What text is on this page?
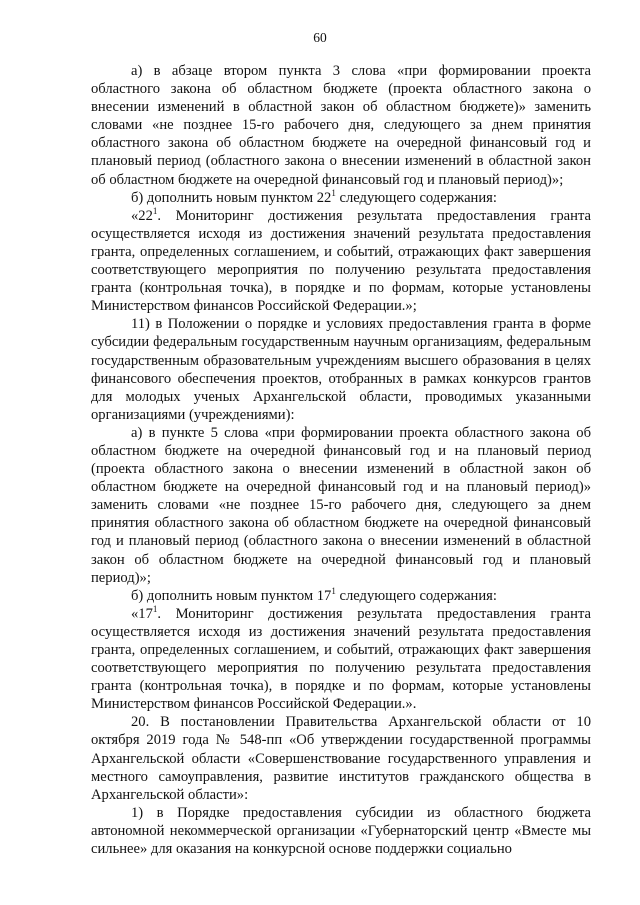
60

а) в абзаце втором пункта 3 слова «при формировании проекта областного закона об областном бюджете (проекта областного закона о внесении изменений в областной закон об областном бюджете)» заменить словами «не позднее 15-го рабочего дня, следующего за днем принятия областного закона об областном бюджете на очередной финансовый год и плановый период (областного закона о внесении изменений в областной закон об областном бюджете на очередной финансовый год и плановый период)»;

б) дополнить новым пунктом $22^1$ следующего содержания:

«$22^1$. Мониторинг достижения результата предоставления гранта осуществляется исходя из достижения значений результата предоставления гранта, определенных соглашением, и событий, отражающих факт завершения соответствующего мероприятия по получению результата предоставления гранта (контрольная точка), в порядке и по формам, которые установлены Министерством финансов Российской Федерации.»;

11) в Положении о порядке и условиях предоставления гранта в форме субсидии федеральным государственным научным организациям, федеральным государственным образовательным учреждениям высшего образования в целях финансового обеспечения проектов, отобранных в рамках конкурсов грантов для молодых ученых Архангельской области, проводимых указанными организациями (учреждениями):

а) в пункте 5 слова «при формировании проекта областного закона об областном бюджете на очередной финансовый год и на плановый период (проекта областного закона о внесении изменений в областной закон об областном бюджете на очередной финансовый год и на плановый период)» заменить словами «не позднее 15-го рабочего дня, следующего за днем принятия областного закона об областном бюджете на очередной финансовый год и плановый период (областного закона о внесении изменений в областной закон об областном бюджете на очередной финансовый год и плановый период)»;

б) дополнить новым пунктом $17^1$ следующего содержания:

«$17^1$. Мониторинг достижения результата предоставления гранта осуществляется исходя из достижения значений результата предоставления гранта, определенных соглашением, и событий, отражающих факт завершения соответствующего мероприятия по получению результата предоставления гранта (контрольная точка), в порядке и по формам, которые установлены Министерством финансов Российской Федерации.».

20. В постановлении Правительства Архангельской области от 10 октября 2019 года № 548-пп «Об утверждении государственной программы Архангельской области «Совершенствование государственного управления и местного самоуправления, развитие институтов гражданского общества в Архангельской области»:

1) в Порядке предоставления субсидии из областного бюджета автономной некоммерческой организации «Губернаторский центр «Вместе мы сильнее» для оказания на конкурсной основе поддержки социально
